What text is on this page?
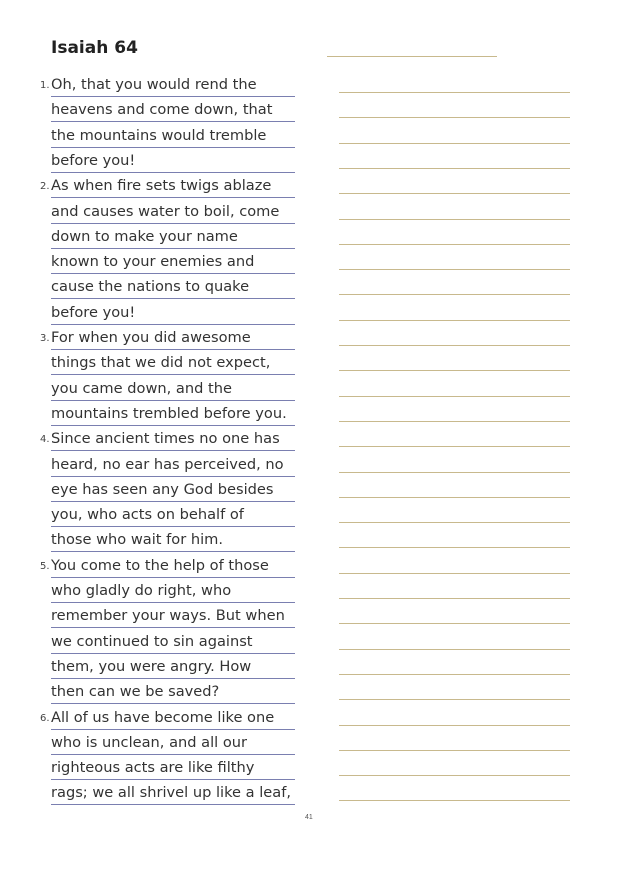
Isaiah 64
1. Oh, that you would rend the
heavens and come down, that
the mountains would tremble
before you!
2. As when fire sets twigs ablaze
and causes water to boil, come
down to make your name
known to your enemies and
cause the nations to quake
before you!
3. For when you did awesome
things that we did not expect,
you came down, and the
mountains trembled before you.
4. Since ancient times no one has
heard, no ear has perceived, no
eye has seen any God besides
you, who acts on behalf of
those who wait for him.
5. You come to the help of those
who gladly do right, who
remember your ways. But when
we continued to sin against
them, you were angry. How
then can we be saved?
6. All of us have become like one
who is unclean, and all our
righteous acts are like filthy
rags; we all shrivel up like a leaf,
41
